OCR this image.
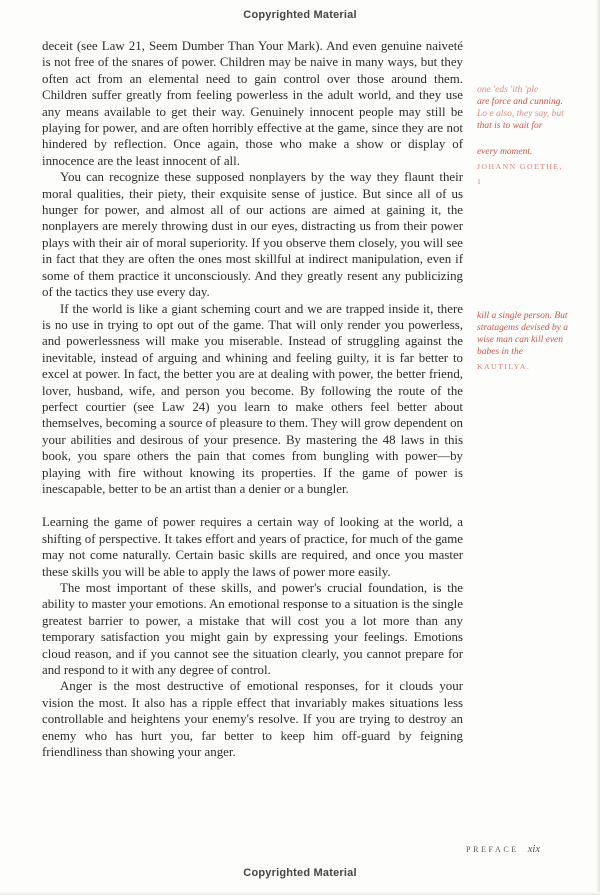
Copyrighted Material

deceit (see Law 21, Seem Dumber Than Your Mark). And even genuine naiveté is not free of the snares of power. Children may be naive in many ways, but they often act from an elemental need to gain control over those around them. Children suffer greatly from feeling powerless in the adult world, and they use any means available to get their way. Genuinely innocent people may still be playing for power, and are often horribly effective at the game, since they are not hindered by reflection. Once again, those who make a show or display of innocence are the least innocent of all.

You can recognize these supposed nonplayers by the way they flaunt their moral qualities, their piety, their exquisite sense of justice. But since all of us hunger for power, and almost all of our actions are aimed at gaining it, the nonplayers are merely throwing dust in our eyes, distracting us from their power plays with their air of moral superiority. If you observe them closely, you will see in fact that they are often the ones most skillful at indirect manipulation, even if some of them practice it unconsciously. And they greatly resent any publicizing of the tactics they use every day.

If the world is like a giant scheming court and we are trapped inside it, there is no use in trying to opt out of the game. That will only render you powerless, and powerlessness will make you miserable. Instead of struggling against the inevitable, instead of arguing and whining and feeling guilty, it is far better to excel at power. In fact, the better you are at dealing with power, the better friend, lover, husband, wife, and person you become. By following the route of the perfect courtier (see Law 24) you learn to make others feel better about themselves, becoming a source of pleasure to them. They will grow dependent on your abilities and desirous of your presence. By mastering the 48 laws in this book, you spare others the pain that comes from bungling with power—by playing with fire without knowing its properties. If the game of power is inescapable, better to be an artist than a denier or a bungler.

Learning the game of power requires a certain way of looking at the world, a shifting of perspective. It takes effort and years of practice, for much of the game may not come naturally. Certain basic skills are required, and once you master these skills you will be able to apply the laws of power more easily.

The most important of these skills, and power's crucial foundation, is the ability to master your emotions. An emotional response to a situation is the single greatest barrier to power, a mistake that will cost you a lot more than any temporary satisfaction you might gain by expressing your feelings. Emotions cloud reason, and if you cannot see the situation clearly, you cannot prepare for and respond to it with any degree of control.

Anger is the most destructive of emotional responses, for it clouds your vision the most. It also has a ripple effect that invariably makes situations less controllable and heightens your enemy's resolve. If you are trying to destroy an enemy who has hurt you, far better to keep him off-guard by feigning friendliness than showing your anger.

one 'eds 'ith 'ple
are force and cunning.
Lo e also, they say, but
that is to wait for
every moment.
JOHANN GOETHE,
1
kill a single person. But
stratagems devised by a
wise man can kill even
babes in the
KAUTILYA.
PREFACE xix
Copyrighted Material
